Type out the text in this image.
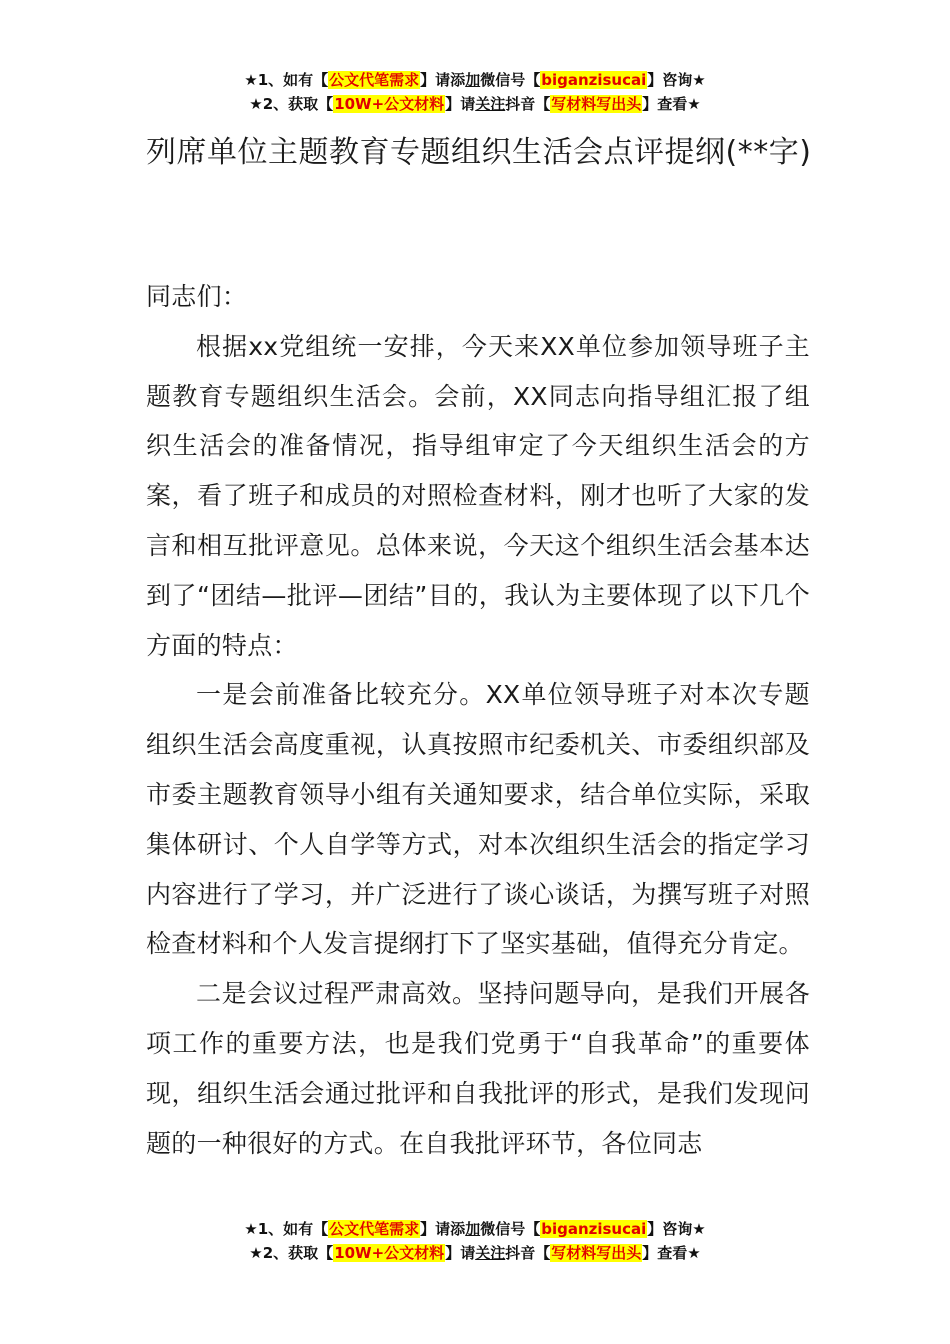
★1、如有【公文代笔需求】请添加微信号【biganzisucai】咨询★
★2、获取【10W+公文材料】请关注抖音【写材料写出头】查看★
列席单位主题教育专题组织生活会点评提纲(**字)

同志们：

根据xx党组统一安排，今天来XX单位参加领导班子主题教育专题组织生活会。会前，XX同志向指导组汇报了组织生活会的准备情况，指导组审定了今天组织生活会的方案，看了班子和成员的对照检查材料，刚才也听了大家的发言和相互批评意见。总体来说，今天这个组织生活会基本达到了“团结—批评—团结”目的，我认为主要体现了以下几个方面的特点：

一是会前准备比较充分。XX单位领导班子对本次专题组织生活会高度重视，认真按照市纪委机关、市委组织部及市委主题教育领导小组有关通知要求，结合单位实际，采取集体研讨、个人自学等方式，对本次组织生活会的指定学习内容进行了学习，并广泛进行了谈心谈话，为撰写班子对照检查材料和个人发言提纲打下了坚实基础，值得充分肯定。

二是会议过程严肃高效。坚持问题导向，是我们开展各项工作的重要方法，也是我们党勇于“自我革命”的重要体现，组织生活会通过批评和自我批评的形式，是我们发现问题的一种很好的方式。在自我批评环节，各位同志

★1、如有【公文代笔需求】请添加微信号【biganzisucai】咨询★
★2、获取【10W+公文材料】请关注抖音【写材料写出头】查看★
